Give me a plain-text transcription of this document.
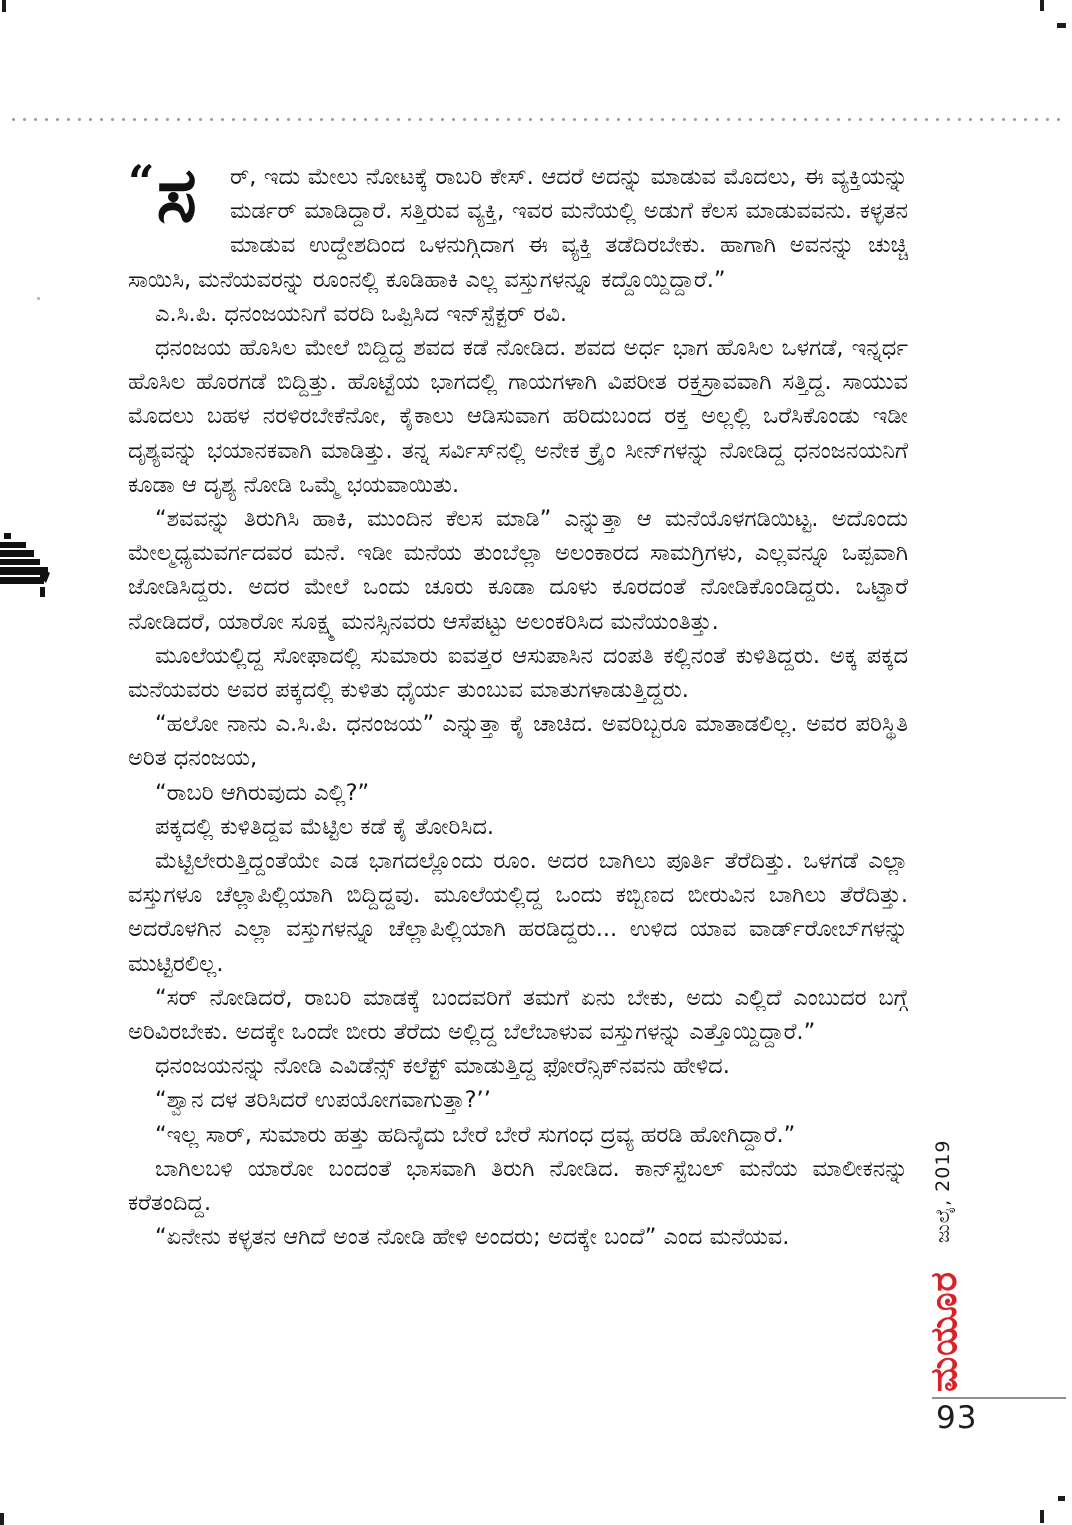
“ ಸ ರ್, ಇದು ಮೇಲು ನೋಟಕ್ಕೆ ರಾಬರಿ ಕೇಸ್. ಆದರೆ ಅದನ್ನು ಮಾಡುವ ಮೊದಲು, ಈ ವ್ಯಕ್ತಿಯನ್ನು ಮರ್ಡರ್ ಮಾಡಿದ್ದಾರೆ. ಸತ್ತಿರುವ ವ್ಯಕ್ತಿ, ಇವರ ಮನೆಯಲ್ಲಿ ಅಡುಗೆ ಕೆಲಸ ಮಾಡುವವನು. ಕಳ್ಳತನ ಮಾಡುವ ಉದ್ದೇಶದಿಂದ ಒಳನುಗ್ಗಿದಾಗ ಈ ವ್ಯಕ್ತಿ ತಡೆದಿರಬೇಕು. ಹಾಗಾಗಿ ಅವನನ್ನು ಚುಚ್ಚಿ ಸಾಯಿಸಿ, ಮನೆಯವರನ್ನು ರೂಂನಲ್ಲಿ ಕೂಡಿಹಾಕಿ ಎಲ್ಲ ವಸ್ತುಗಳನ್ನೂ ಕದ್ದೊಯ್ದಿದ್ದಾರೆ.”

ಎ.ಸಿ.ಪಿ. ಧನಂಜಯನಿಗೆ ವರದಿ ಒಪ್ಪಿಸಿದ ಇನ್‌ಸ್ಪೆಕ್ಟರ್ ರವಿ.

ಧನಂಜಯ ಹೊಸಿಲ ಮೇಲೆ ಬಿದ್ದಿದ್ದ ಶವದ ಕಡೆ ನೋಡಿದ. ಶವದ ಅರ್ಧ ಭಾಗ ಹೊಸಿಲ ಒಳಗಡೆ, ಇನ್ನರ್ಧ ಹೊಸಿಲ ಹೊರಗಡೆ ಬಿದ್ದಿತ್ತು. ಹೊಟ್ಟೆಯ ಭಾಗದಲ್ಲಿ ಗಾಯಗಳಾಗಿ ವಿಪರೀತ ರಕ್ತಸ್ರಾವವಾಗಿ ಸತ್ತಿದ್ದ. ಸಾಯುವ ಮೊದಲು ಬಹಳ ನರಳಿರಬೇಕೆನೋ, ಕೈಕಾಲು ಆಡಿಸುವಾಗ ಹರಿದುಬಂದ ರಕ್ತ ಅಲ್ಲಲ್ಲಿ ಒರೆಸಿಕೊಂಡು ಇಡೀ ದೃಶ್ಯವನ್ನು ಭಯಾನಕವಾಗಿ ಮಾಡಿತ್ತು. ತನ್ನ ಸರ್ವಿಸ್‌ನಲ್ಲಿ ಅನೇಕ ಕ್ರೈಂ ಸೀನ್‌ಗಳನ್ನು ನೋಡಿದ್ದ ಧನಂಜನಯನಿಗೆ ಕೂಡಾ ಆ ದೃಶ್ಯ ನೋಡಿ ಒಮ್ಮೆ ಭಯವಾಯಿತು.

“ಶವವನ್ನು ತಿರುಗಿಸಿ ಹಾಕಿ, ಮುಂದಿನ ಕೆಲಸ ಮಾಡಿ” ಎನ್ನುತ್ತಾ ಆ ಮನೆಯೊಳಗಡಿಯಿಟ್ಟ. ಅದೊಂದು ಮೇಲ್ಮಧ್ಯಮವರ್ಗದವರ ಮನೆ. ಇಡೀ ಮನೆಯ ತುಂಬೆಲ್ಲಾ ಅಲಂಕಾರದ ಸಾಮಗ್ರಿಗಳು, ಎಲ್ಲವನ್ನೂ ಒಪ್ಪವಾಗಿ ಜೋಡಿಸಿದ್ದರು. ಅದರ ಮೇಲೆ ಒಂದು ಚೂರು ಕೂಡಾ ದೂಳು ಕೂರದಂತೆ ನೋಡಿಕೊಂಡಿದ್ದರು. ಒಟ್ಟಾರೆ ನೋಡಿದರೆ, ಯಾರೋ ಸೂಕ್ಷ್ಮ ಮನಸ್ಸಿನವರು ಆಸೆಪಟ್ಟು ಅಲಂಕರಿಸಿದ ಮನೆಯಂತಿತ್ತು.

ಮೂಲೆಯಲ್ಲಿದ್ದ ಸೋಫಾದಲ್ಲಿ ಸುಮಾರು ಐವತ್ತರ ಆಸುಪಾಸಿನ ದಂಪತಿ ಕಲ್ಲಿನಂತೆ ಕುಳಿತಿದ್ದರು. ಅಕ್ಕ ಪಕ್ಕದ ಮನೆಯವರು ಅವರ ಪಕ್ಕದಲ್ಲಿ ಕುಳಿತು ಧೈರ್ಯ ತುಂಬುವ ಮಾತುಗಳಾಡುತ್ತಿದ್ದರು.

“ಹಲೋ ನಾನು ಎ.ಸಿ.ಪಿ. ಧನಂಜಯ” ಎನ್ನುತ್ತಾ ಕೈ ಚಾಚಿದ. ಅವರಿಬ್ಬರೂ ಮಾತಾಡಲಿಲ್ಲ. ಅವರ ಪರಿಸ್ಥಿತಿ ಅರಿತ ಧನಂಜಯ,

“ರಾಬರಿ ಆಗಿರುವುದು ಎಲ್ಲಿ?”

ಪಕ್ಕದಲ್ಲಿ ಕುಳಿತಿದ್ದವ ಮೆಟ್ಟಿಲ ಕಡೆ ಕೈ ತೋರಿಸಿದ.

ಮೆಟ್ಟಿಲೇರುತ್ತಿದ್ದಂತೆಯೇ ಎಡ ಭಾಗದಲ್ಲೊಂದು ರೂಂ. ಅದರ ಬಾಗಿಲು ಪೂರ್ತಿ ತೆರೆದಿತ್ತು. ಒಳಗಡೆ ಎಲ್ಲಾ ವಸ್ತುಗಳೂ ಚೆಲ್ಲಾಪಿಲ್ಲಿಯಾಗಿ ಬಿದ್ದಿದ್ದವು. ಮೂಲೆಯಲ್ಲಿದ್ದ ಒಂದು ಕಬ್ಬಿಣದ ಬೀರುವಿನ ಬಾಗಿಲು ತೆರೆದಿತ್ತು. ಅದರೊಳಗಿನ ಎಲ್ಲಾ ವಸ್ತುಗಳನ್ನೂ ಚೆಲ್ಲಾಪಿಲ್ಲಿಯಾಗಿ ಹರಡಿದ್ದರು... ಉಳಿದ ಯಾವ ವಾರ್ಡ್‌ರೋಬ್‌ಗಳನ್ನು ಮುಟ್ಟಿರಲಿಲ್ಲ.

“ಸರ್ ನೋಡಿದರೆ, ರಾಬರಿ ಮಾಡಕ್ಕೆ ಬಂದವರಿಗೆ ತಮಗೆ ಏನು ಬೇಕು, ಅದು ಎಲ್ಲಿದೆ ಎಂಬುದರ ಬಗ್ಗೆ ಅರಿವಿರಬೇಕು. ಅದಕ್ಕೇ ಒಂದೇ ಬೀರು ತೆರೆದು ಅಲ್ಲಿದ್ದ ಬೆಲೆಬಾಳುವ ವಸ್ತುಗಳನ್ನು ಎತ್ತೊಯ್ದಿದ್ದಾರೆ.”

ಧನಂಜಯನನ್ನು ನೋಡಿ ಎವಿಡೆನ್ಸ್ ಕಲೆಕ್ಟ್ ಮಾಡುತ್ತಿದ್ದ ಫೋರೆನ್ಸಿಕ್‌ನವನು ಹೇಳಿದ.

“ಶ್ವಾನ ದಳ ತರಿಸಿದರೆ ಉಪಯೋಗವಾಗುತ್ತಾ?’’

“ಇಲ್ಲ ಸಾರ್, ಸುಮಾರು ಹತ್ತು ಹದಿನೈದು ಬೇರೆ ಬೇರೆ ಸುಗಂಧ ದ್ರವ್ಯ ಹರಡಿ ಹೋಗಿದ್ದಾರೆ.”

ಬಾಗಿಲಬಳಿ ಯಾರೋ ಬಂದಂತೆ ಭಾಸವಾಗಿ ತಿರುಗಿ ನೋಡಿದ. ಕಾನ್‌ಸ್ಟೆಬಲ್ ಮನೆಯ ಮಾಲೀಕನನ್ನು ಕರೆತಂದಿದ್ದ.

“ಏನೇನು ಕಳ್ಳತನ ಆಗಿದೆ ಅಂತ ನೋಡಿ ಹೇಳಿ ಅಂದರು; ಅದಕ್ಕೇ ಬಂದೆ” ಎಂದ ಮನೆಯವ.	ಜುಲೈ, 2019
ಮಯೂರ
93
